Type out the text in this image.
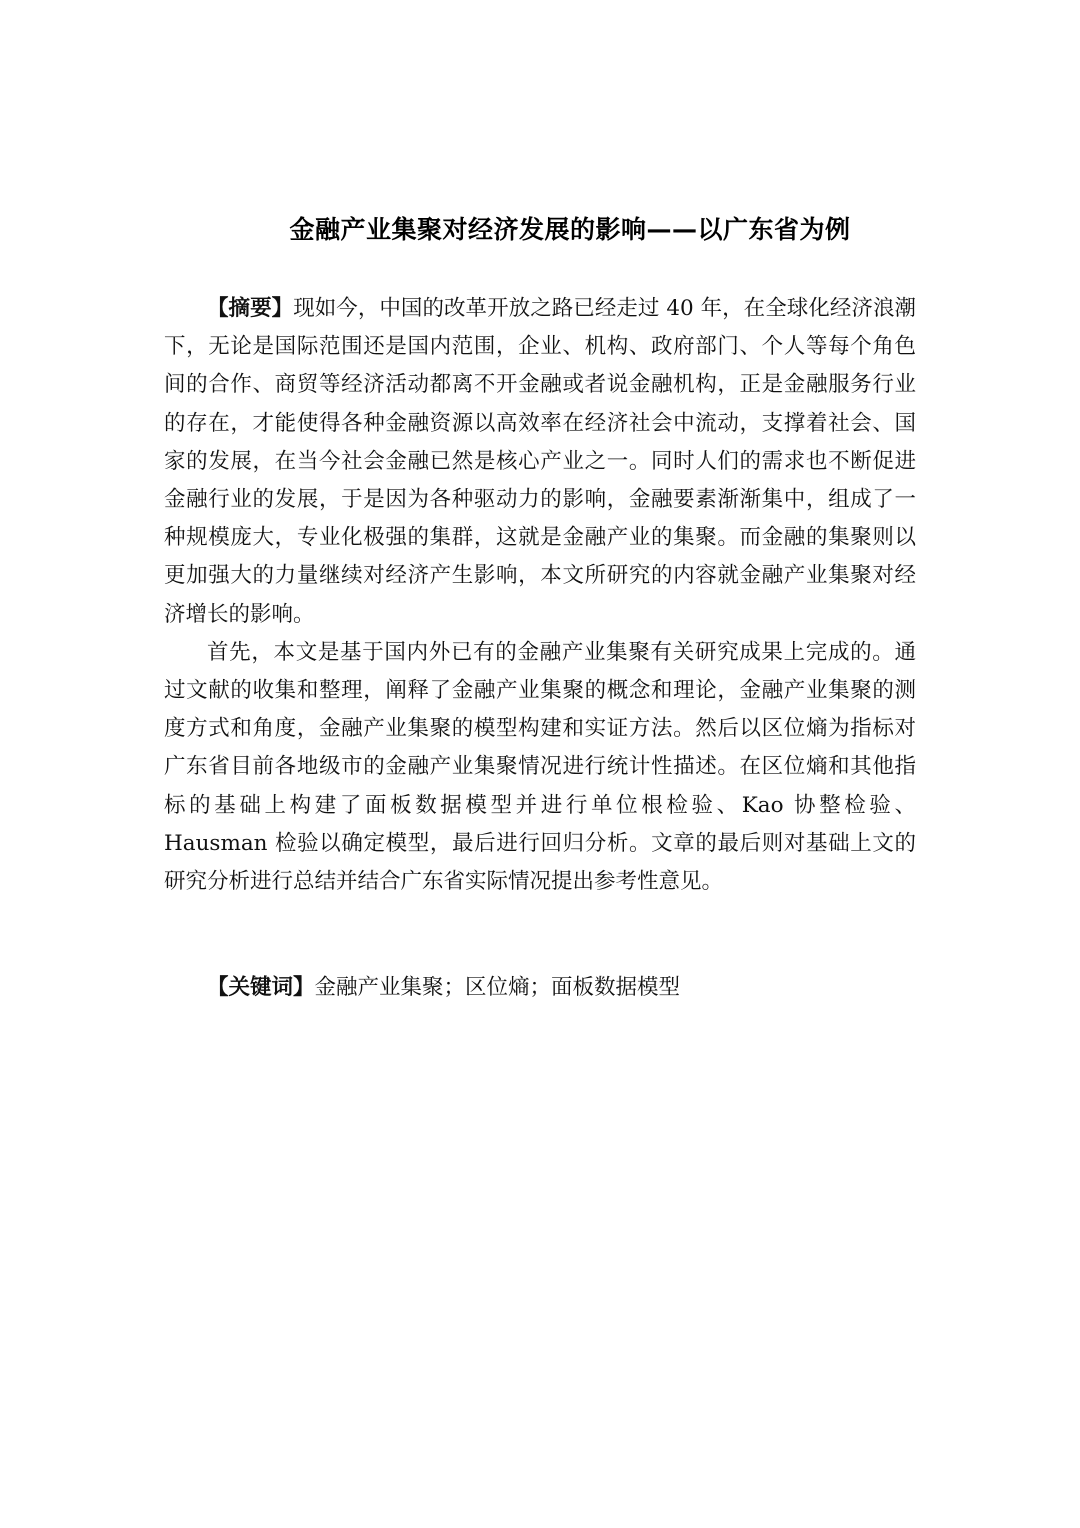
金融产业集聚对经济发展的影响——以广东省为例

【摘要】现如今，中国的改革开放之路已经走过 40 年，在全球化经济浪潮下，无论是国际范围还是国内范围，企业、机构、政府部门、个人等每个角色间的合作、商贸等经济活动都离不开金融或者说金融机构，正是金融服务行业的存在，才能使得各种金融资源以高效率在经济社会中流动，支撑着社会、国家的发展，在当今社会金融已然是核心产业之一。同时人们的需求也不断促进金融行业的发展，于是因为各种驱动力的影响，金融要素渐渐集中，组成了一种规模庞大，专业化极强的集群，这就是金融产业的集聚。而金融的集聚则以更加强大的力量继续对经济产生影响，本文所研究的内容就金融产业集聚对经济增长的影响。

首先，本文是基于国内外已有的金融产业集聚有关研究成果上完成的。通过文献的收集和整理，阐释了金融产业集聚的概念和理论，金融产业集聚的测度方式和角度，金融产业集聚的模型构建和实证方法。然后以区位熵为指标对广东省目前各地级市的金融产业集聚情况进行统计性描述。在区位熵和其他指标的基础上构建了面板数据模型并进行单位根检验、Kao 协整检验、Hausman 检验以确定模型，最后进行回归分析。文章的最后则对基础上文的研究分析进行总结并结合广东省实际情况提出参考性意见。

【关键词】金融产业集聚；区位熵；面板数据模型
